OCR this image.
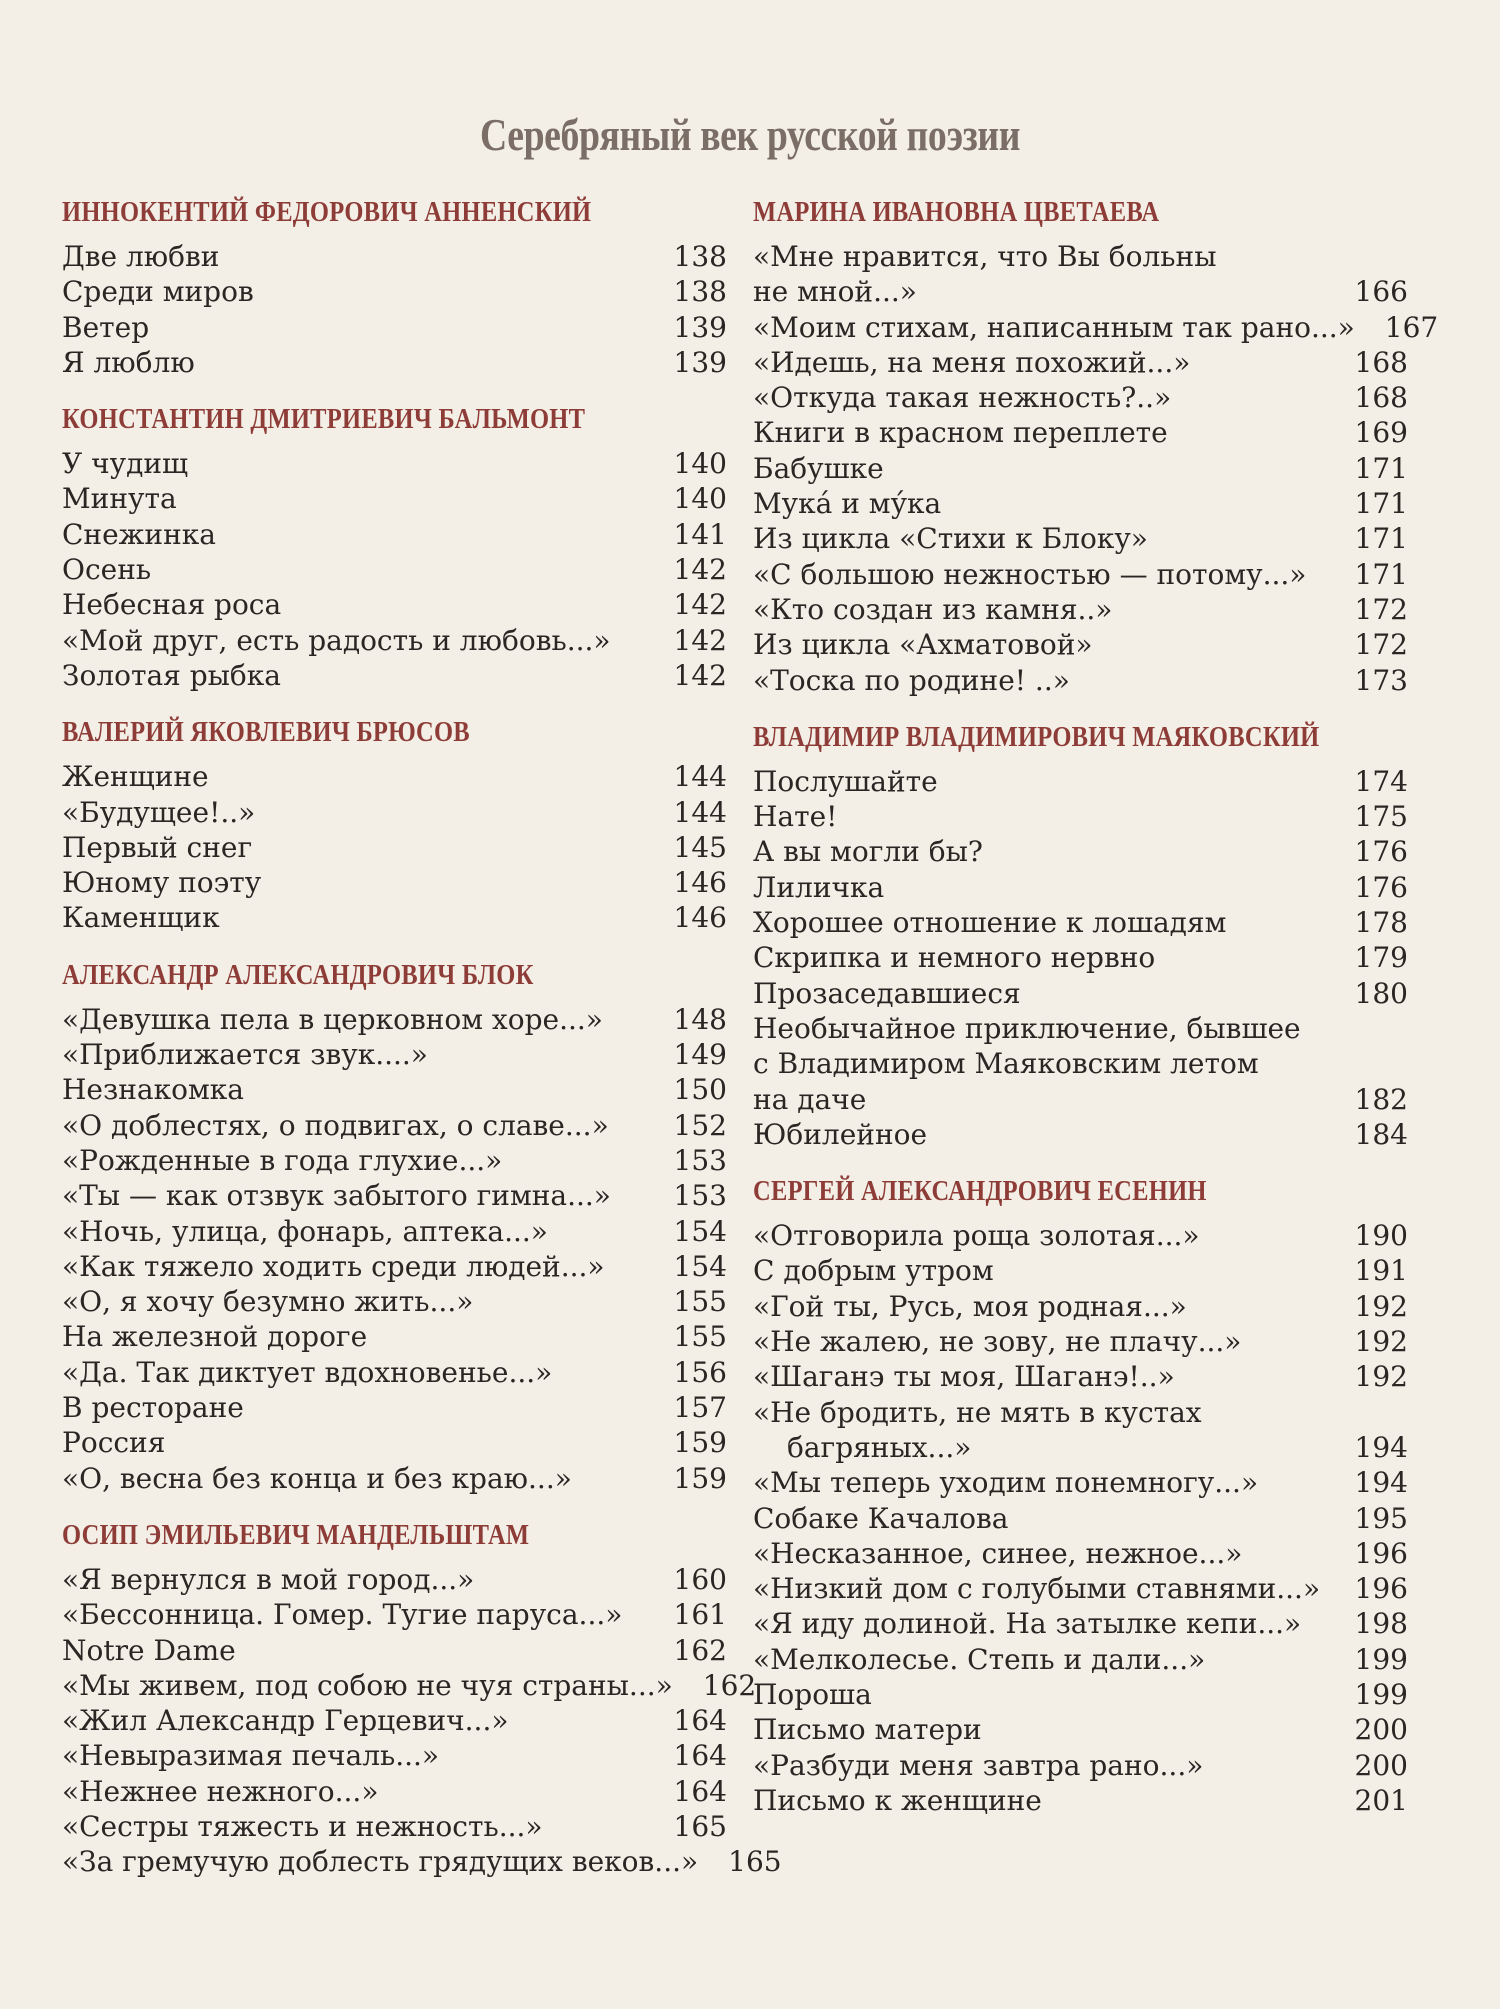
Серебряный век русской поэзии
ИННОКЕНТИЙ ФЕДОРОВИЧ АННЕНСКИЙ
Две любви	138
Среди миров	138
Ветер	139
Я люблю	139
КОНСТАНТИН ДМИТРИЕВИЧ БАЛЬМОНТ
У чудищ	140
Минута	140
Снежинка	141
Осень	142
Небесная роса	142
«Мой друг, есть радость и любовь...» 142
Золотая рыбка	142
ВАЛЕРИЙ ЯКОВЛЕВИЧ БРЮСОВ
Женщине	144
«Будущее!..»	144
Первый снег	145
Юному поэту	146
Каменщик	146
АЛЕКСАНДР АЛЕКСАНДРОВИЧ БЛОК
«Девушка пела в церковном хоре...»	148
«Приближается звук....»	149
Незнакомка	150
«О доблестях, о подвигах, о славе...» 152
«Рожденные в года глухие...»	153
«Ты — как отзвук забытого гимна...» 153
«Ночь, улица, фонарь, аптека...»	154
«Как тяжело ходить среди людей...» 154
«О, я хочу безумно жить...»	155
На железной дороге	155
«Да. Так диктует вдохновенье...»	156
В ресторане	157
Россия	159
«О, весна без конца и без краю...»	159
ОСИП ЭМИЛЬЕВИЧ МАНДЕЛЬШТАМ
«Я вернулся в мой город...»	160
«Бессонница. Гомер. Тугие паруса...» 161
Notre Dame	162
«Мы живем, под собою не чуя страны...» 162
«Жил Александр Герцевич...»	164
«Невыразимая печаль...»	164
«Нежнее нежного...»	164
«Сестры тяжесть и нежность...»	165
«За гремучую доблесть грядущих веков...» 165
МАРИНА ИВАНОВНА ЦВЕТАЕВА
«Мне нравится, что Вы больны
не мной...»	166
«Моим стихам, написанным так рано...» 167
«Идешь, на меня похожий...»	168
«Откуда такая нежность?..»	168
Книги в красном переплете	169
Бабушке	171
Мука́ и му́ка	171
Из цикла «Стихи к Блоку»	171
«С большою нежностью — потому...» 171
«Кто создан из камня..»	172
Из цикла «Ахматовой»	172
«Тоска по родине! ..»	173
ВЛАДИМИР ВЛАДИМИРОВИЧ МАЯКОВСКИЙ
Послушайте	174
Нате!	175
А вы могли бы?	176
Лиличка	176
Хорошее отношение к лошадям	178
Скрипка и немного нервно	179
Прозаседавшиеся	180
Необычайное приключение, бывшее
с Владимиром Маяковским летом
на даче	182
Юбилейное	184
СЕРГЕЙ АЛЕКСАНДРОВИЧ ЕСЕНИН
«Отговорила роща золотая...»	190
С добрым утром	191
«Гой ты, Русь, моя родная...»	192
«Не жалею, не зову, не плачу...»	192
«Шаганэ ты моя, Шаганэ!..»	192
«Не бродить, не мять в кустах
багряных...»	194
«Мы теперь уходим понемногу...»	194
Собаке Качалова	195
«Несказанное, синее, нежное...»	196
«Низкий дом с голубыми ставнями...» 196
«Я иду долиной. На затылке кепи...» 198
«Мелколесье. Степь и дали...»	199
Пороша	199
Письмо матери	200
«Разбуди меня завтра рано...»	200
Письмо к женщине	201
